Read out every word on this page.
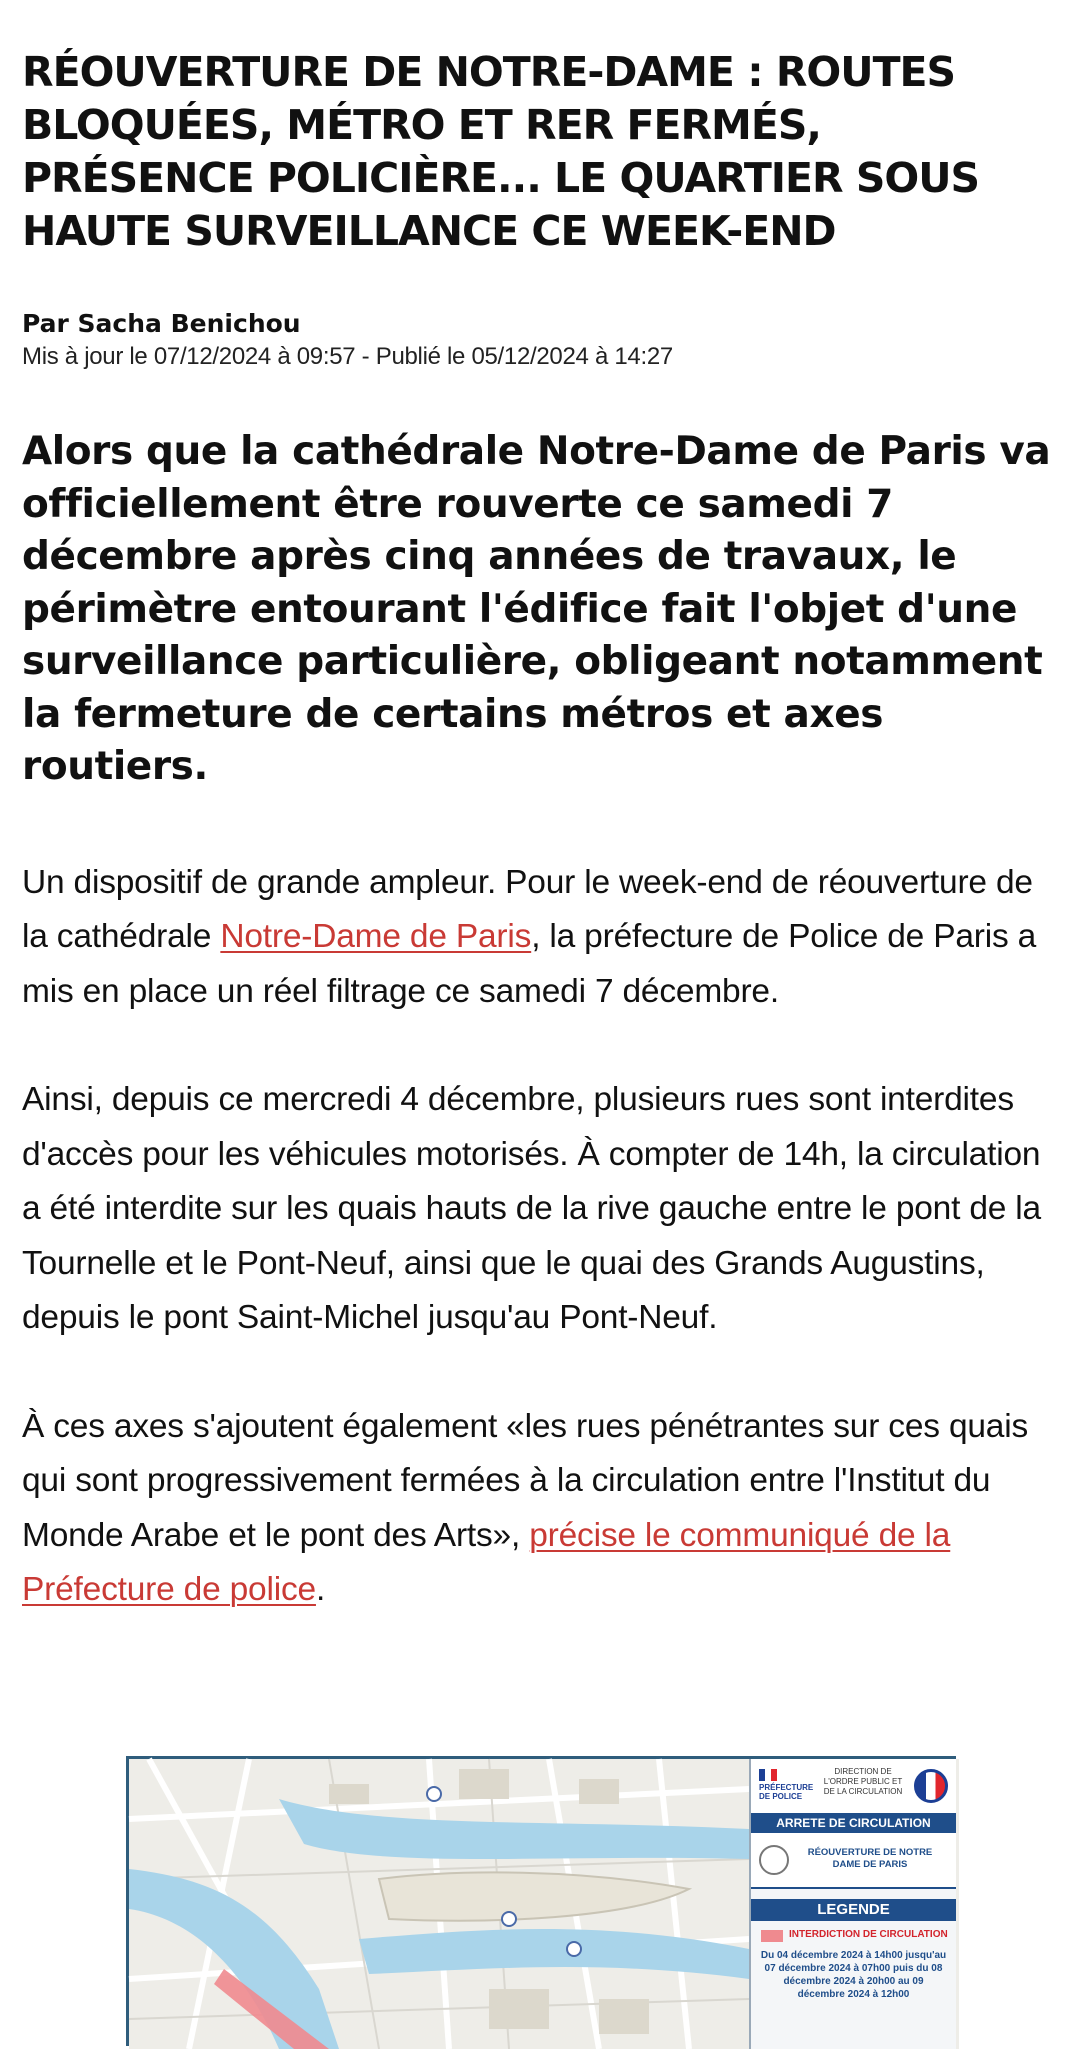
RÉOUVERTURE DE NOTRE-DAME : ROUTES BLOQUÉES, MÉTRO ET RER FERMÉS, PRÉSENCE POLICIÈRE... LE QUARTIER SOUS HAUTE SURVEILLANCE CE WEEK-END
Par Sacha Benichou
Mis à jour le 07/12/2024 à 09:57 - Publié le 05/12/2024 à 14:27

Alors que la cathédrale Notre-Dame de Paris va officiellement être rouverte ce samedi 7 décembre après cinq années de travaux, le périmètre entourant l'édifice fait l'objet d'une surveillance particulière, obligeant notamment la fermeture de certains métros et axes routiers.

Un dispositif de grande ampleur. Pour le week-end de réouverture de la cathédrale Notre-Dame de Paris, la préfecture de Police de Paris a mis en place un réel filtrage ce samedi 7 décembre.

Ainsi, depuis ce mercredi 4 décembre, plusieurs rues sont interdites d'accès pour les véhicules motorisés. À compter de 14h, la circulation a été interdite sur les quais hauts de la rive gauche entre le pont de la Tournelle et le Pont-Neuf, ainsi que le quai des Grands Augustins, depuis le pont Saint-Michel jusqu'au Pont-Neuf.

À ces axes s'ajoutent également «les rues pénétrantes sur ces quais qui sont progressivement fermées à la circulation entre l'Institut du Monde Arabe et le pont des Arts», précise le communiqué de la Préfecture de police.

PRÉFECTURE DE POLICE
DIRECTION DE L'ORDRE PUBLIC ET DE LA CIRCULATION
ARRETE DE CIRCULATION
RÉOUVERTURE DE NOTRE DAME DE PARIS
LEGENDE
INTERDICTION DE CIRCULATION
Du 04 décembre 2024 à 14h00 jusqu'au 07 décembre 2024 à 07h00 puis du 08 décembre 2024 à 20h00 au 09 décembre 2024 à 12h00
